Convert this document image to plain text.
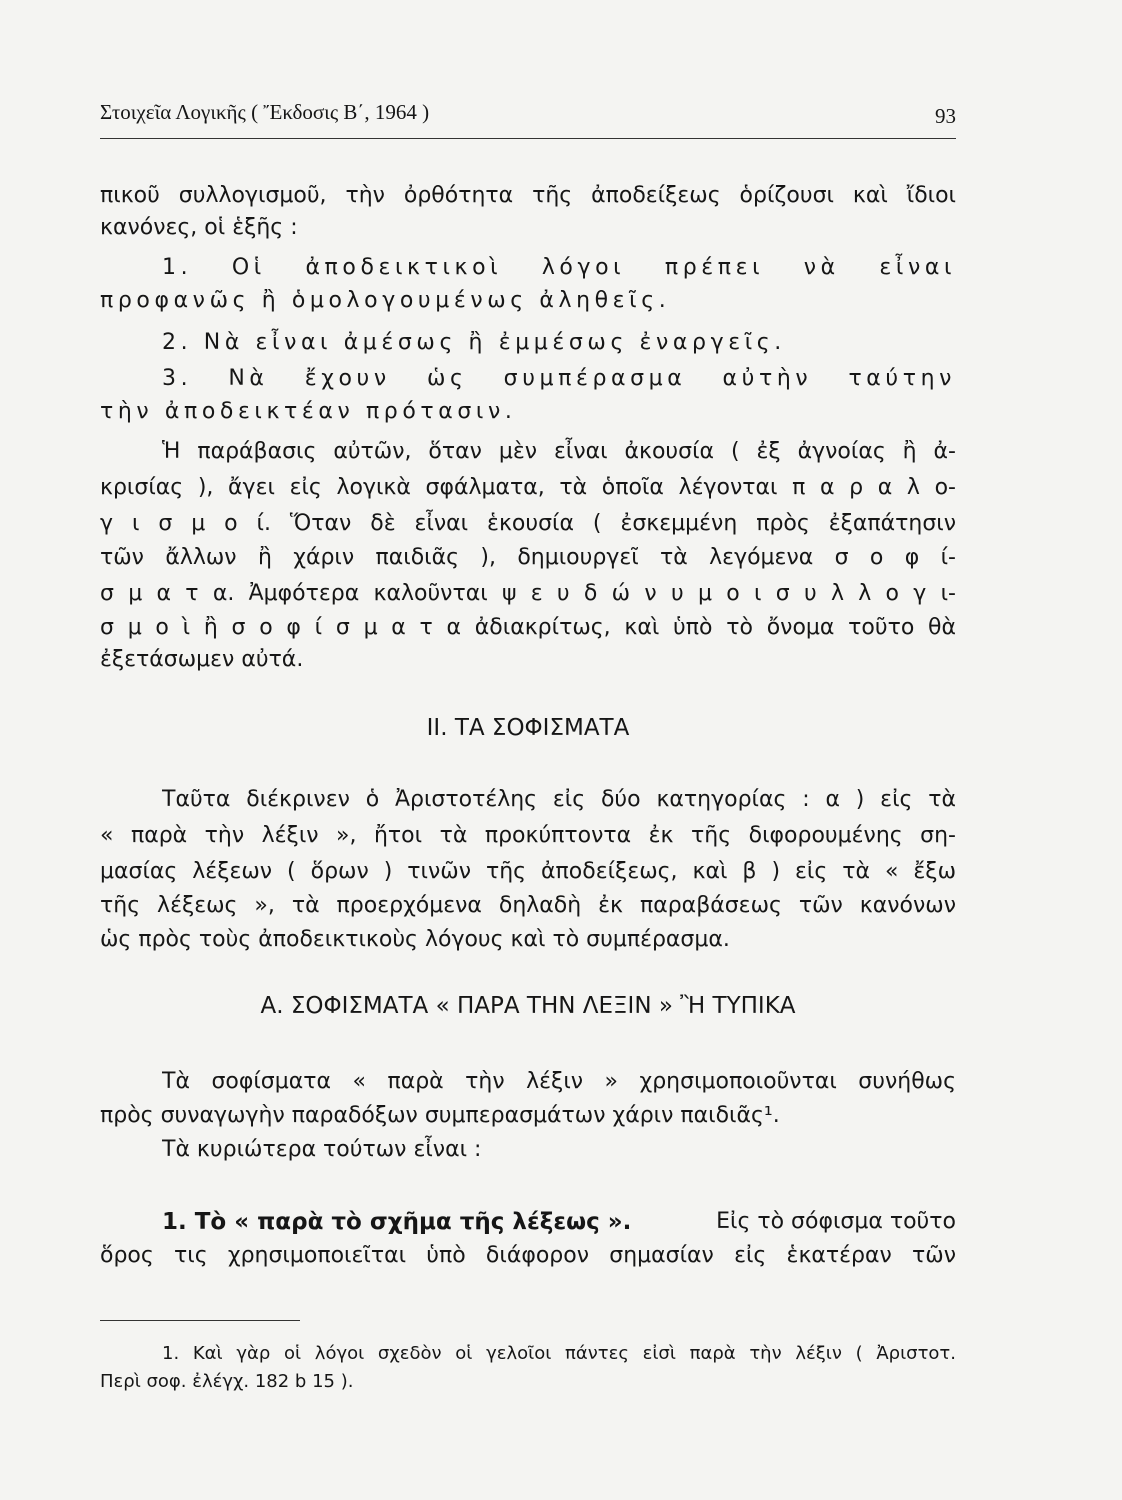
Στοιχεῖα Λογικῆς ( Ἔκδοσις Β΄, 1964 )	93
πικοῦ συλλογισμοῦ, τὴν ὀρθότητα τῆς ἀποδείξεως ὁρίζουσι καὶ ἴδιοι
κανόνες, οἱ ἑξῆς :
1. Οἱ ἀποδεικτικοὶ λόγοι πρέπει νὰ εἶναι
προφανῶς ἢ ὁμολογουμένως ἀληθεῖς.
2. Νὰ εἶναι ἀμέσως ἢ ἐμμέσως ἐναργεῖς.
3. Νὰ ἔχουν ὡς συμπέρασμα αὐτὴν ταύτην
τὴν ἀποδεικτέαν πρότασιν.
Ἡ παράβασις αὐτῶν, ὅταν μὲν εἶναι ἀκουσία ( ἐξ ἀγνοίας ἢ ἀ-
κρισίας ), ἄγει εἰς λογικὰ σφάλματα, τὰ ὁποῖα λέγονται π α ρ α λ ο-
γ ι σ μ ο ί. Ὅταν δὲ εἶναι ἑκουσία ( ἐσκεμμένη πρὸς ἐξαπάτησιν
τῶν ἄλλων ἢ χάριν παιδιᾶς ), δημιουργεῖ τὰ λεγόμενα σ ο φ ί-
σ μ α τ α. Ἀμφότερα καλοῦνται ψ ε υ δ ώ ν υ μ ο ι σ υ λ λ ο γ ι-
σ μ ο ὶ ἢ σ ο φ ί σ μ α τ α ἀδιακρίτως, καὶ ὑπὸ τὸ ὄνομα τοῦτο θὰ
ἐξετάσωμεν αὐτά.
II. ΤΑ ΣΟΦΙΣΜΑΤΑ
Ταῦτα διέκρινεν ὁ Ἀριστοτέλης εἰς δύο κατηγορίας : α ) εἰς τὰ
« παρὰ τὴν λέξιν », ἤτοι τὰ προκύπτοντα ἐκ τῆς διφορουμένης ση-
μασίας λέξεων ( ὅρων ) τινῶν τῆς ἀποδείξεως, καὶ β ) εἰς τὰ « ἔξω
τῆς λέξεως », τὰ προερχόμενα δηλαδὴ ἐκ παραβάσεως τῶν κανόνων
ὡς πρὸς τοὺς ἀποδεικτικοὺς λόγους καὶ τὸ συμπέρασμα.
Α. ΣΟΦΙΣΜΑΤΑ « ΠΑΡΑ ΤΗΝ ΛΕΞΙΝ » Ἢ ΤΥΠΙΚΑ
Τὰ σοφίσματα « παρὰ τὴν λέξιν » χρησιμοποιοῦνται συνήθως
πρὸς συναγωγὴν παραδόξων συμπερασμάτων χάριν παιδιᾶς¹.
Τὰ κυριώτερα τούτων εἶναι :
1. Τὸ « παρὰ τὸ σχῆμα τῆς λέξεως ».	Εἰς τὸ σόφισμα τοῦτο
ὅρος τις χρησιμοποιεῖται ὑπὸ διάφορον σημασίαν εἰς ἑκατέραν τῶν
1. Καὶ γὰρ οἱ λόγοι σχεδὸν οἱ γελοῖοι πάντες εἰσὶ παρὰ τὴν λέξιν ( Ἀριστοτ.
Περὶ σοφ. ἐλέγχ. 182 b 15 ).
